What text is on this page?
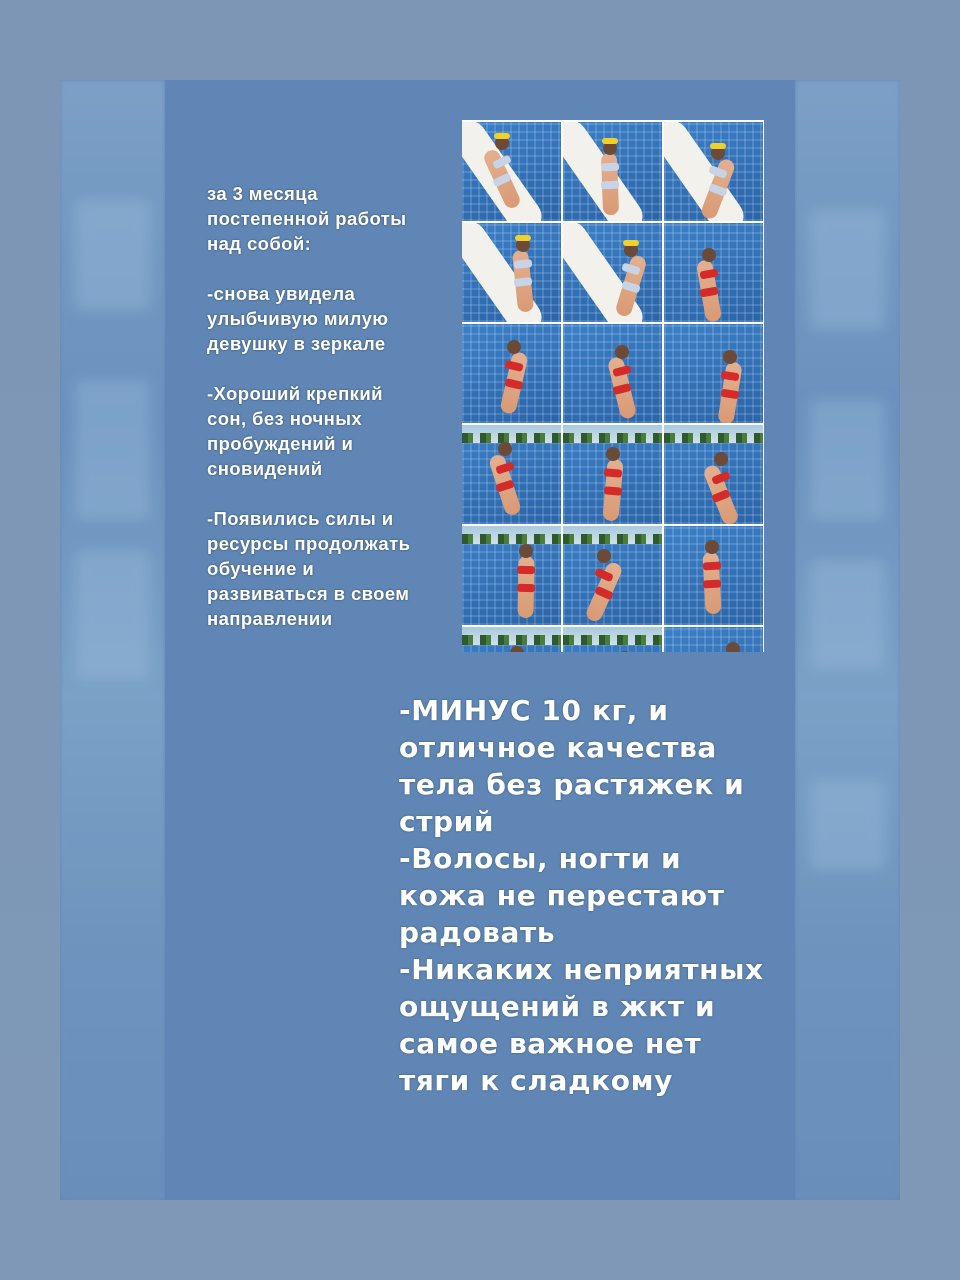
за 3 месяца
постепенной работы
над собой:

-снова увидела
улыбчивую милую
девушку в зеркале

-Хороший крепкий
сон, без ночных
пробуждений и
сновидений

-Появились силы и
ресурсы продолжать
обучение и
развиваться в своем
направлении

-МИНУС 10 кг, и
отличное качества
тела без растяжек и
стрий
-Волосы, ногти и
кожа не перестают
радовать
-Никаких неприятных
ощущений в жкт и
самое важное нет
тяги к сладкому
